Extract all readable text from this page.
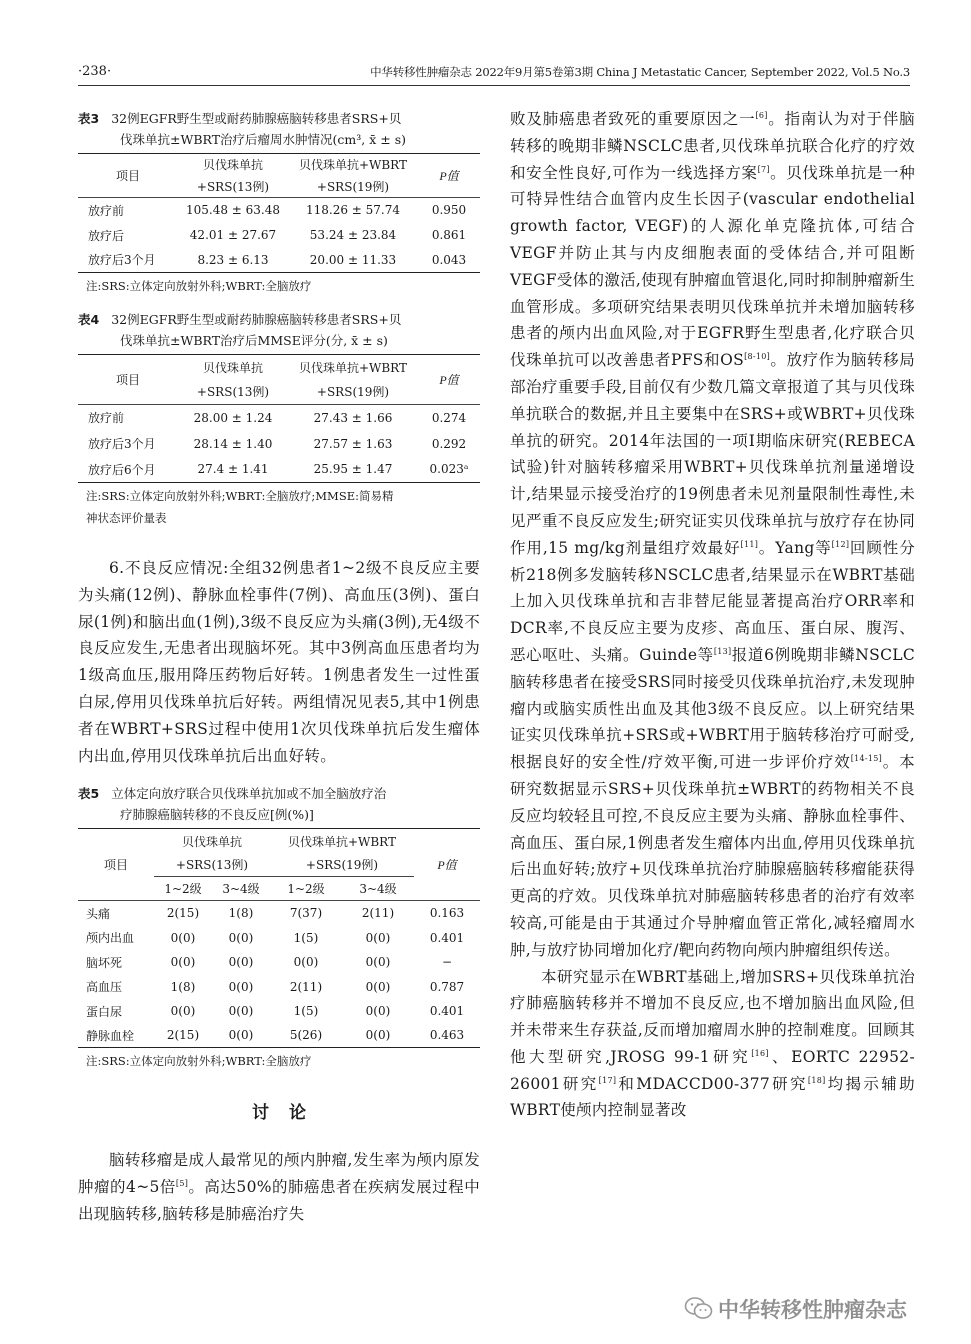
·238·	中华转移性肿瘤杂志 2022年9月第5卷第3期 China J Metastatic Cancer, September 2022, Vol.5 No.3
表3 32例EGFR野生型或耐药肺腺癌脑转移患者SRS+贝
伐珠单抗±WBRT治疗后瘤周水肿情况(cm³, x̄ ± s)
项目	贝伐珠单抗	贝伐珠单抗+WBRT	P值
	+SRS(13例)	+SRS(19例)	
放疗前	105.48 ± 63.48	118.26 ± 57.74	0.950
放疗后	42.01 ± 27.67	53.24 ± 23.84	0.861
放疗后3个月	8.23 ± 6.13	20.00 ± 11.33	0.043
注:SRS:立体定向放射外科;WBRT:全脑放疗
表4 32例EGFR野生型或耐药肺腺癌脑转移患者SRS+贝
伐珠单抗±WBRT治疗后MMSE评分(分, x̄ ± s)
项目	贝伐珠单抗	贝伐珠单抗+WBRT	P值
	+SRS(13例)	+SRS(19例)	
放疗前	28.00 ± 1.24	27.43 ± 1.66	0.274
放疗后3个月	28.14 ± 1.40	27.57 ± 1.63	0.292
放疗后6个月	27.4 ± 1.41	25.95 ± 1.47	0.023ᵃ
注:SRS:立体定向放射外科;WBRT:全脑放疗;MMSE:简易精
神状态评价量表

6.不良反应情况:全组32例患者1~2级不良反应主要为头痛(12例)、静脉血栓事件(7例)、高血压(3例)、蛋白尿(1例)和脑出血(1例),3级不良反应为头痛(3例),无4级不良反应发生,无患者出现脑坏死。其中3例高血压患者均为1级高血压,服用降压药物后好转。1例患者发生一过性蛋白尿,停用贝伐珠单抗后好转。两组情况见表5,其中1例患者在WBRT+SRS过程中使用1次贝伐珠单抗后发生瘤体内出血,停用贝伐珠单抗后出血好转。

表5 立体定向放疗联合贝伐珠单抗加或不加全脑放疗治
疗肺腺癌脑转移的不良反应[例(%)]
项目	贝伐珠单抗		贝伐珠单抗+WBRT		P值
	+SRS(13例)		+SRS(19例)		
	1~2级	3~4级	1~2级	3~4级	
头痛	2(15)	1(8)	7(37)	2(11)	0.163
颅内出血	0(0)	0(0)	1(5)	0(0)	0.401
脑坏死	0(0)	0(0)	0(0)	0(0)	−
高血压	1(8)	0(0)	2(11)	0(0)	0.787
蛋白尿	0(0)	0(0)	1(5)	0(0)	0.401
静脉血栓	2(15)	0(0)	5(26)	0(0)	0.463
注:SRS:立体定向放射外科;WBRT:全脑放疗
讨论

脑转移瘤是成人最常见的颅内肿瘤,发生率为颅内原发肿瘤的4~5倍[5]。高达50%的肺癌患者在疾病发展过程中出现脑转移,脑转移是肺癌治疗失

败及肺癌患者致死的重要原因之一[6]。指南认为对于伴脑转移的晚期非鳞NSCLC患者,贝伐珠单抗联合化疗的疗效和安全性良好,可作为一线选择方案[7]。贝伐珠单抗是一种可特异性结合血管内皮生长因子(vascular endothelial growth factor, VEGF)的人源化单克隆抗体,可结合VEGF并防止其与内皮细胞表面的受体结合,并可阻断VEGF受体的激活,使现有肿瘤血管退化,同时抑制肿瘤新生血管形成。多项研究结果表明贝伐珠单抗并未增加脑转移患者的颅内出血风险,对于EGFR野生型患者,化疗联合贝伐珠单抗可以改善患者PFS和OS[8-10]。放疗作为脑转移局部治疗重要手段,目前仅有少数几篇文章报道了其与贝伐珠单抗联合的数据,并且主要集中在SRS+或WBRT+贝伐珠单抗的研究。2014年法国的一项Ⅰ期临床研究(REBECA试验)针对脑转移瘤采用WBRT+贝伐珠单抗剂量递增设计,结果显示接受治疗的19例患者未见剂量限制性毒性,未见严重不良反应发生;研究证实贝伐珠单抗与放疗存在协同作用,15 mg/kg剂量组疗效最好[11]。Yang等[12]回顾性分析218例多发脑转移NSCLC患者,结果显示在WBRT基础上加入贝伐珠单抗和吉非替尼能显著提高治疗ORR率和DCR率,不良反应主要为皮疹、高血压、蛋白尿、腹泻、恶心呕吐、头痛。Guinde等[13]报道6例晚期非鳞NSCLC脑转移患者在接受SRS同时接受贝伐珠单抗治疗,未发现肿瘤内或脑实质性出血及其他3级不良反应。以上研究结果证实贝伐珠单抗+SRS或+WBRT用于脑转移治疗可耐受,根据良好的安全性/疗效平衡,可进一步评价疗效[14-15]。本研究数据显示SRS+贝伐珠单抗±WBRT的药物相关不良反应均较轻且可控,不良反应主要为头痛、静脉血栓事件、高血压、蛋白尿,1例患者发生瘤体内出血,停用贝伐珠单抗后出血好转;放疗+贝伐珠单抗治疗肺腺癌脑转移瘤能获得更高的疗效。贝伐珠单抗对肺癌脑转移患者的治疗有效率较高,可能是由于其通过介导肿瘤血管正常化,减轻瘤周水肿,与放疗协同增加化疗/靶向药物向颅内肿瘤组织传送。

本研究显示在WBRT基础上,增加SRS+贝伐珠单抗治疗肺癌脑转移并不增加不良反应,也不增加脑出血风险,但并未带来生存获益,反而增加瘤周水肿的控制难度。回顾其他大型研究,JROSG 99-1研究[16]、EORTC 22952-26001研究[17]和MDACCD00-377研究[18]均揭示辅助WBRT使颅内控制显著改

中华转移性肿瘤杂志
